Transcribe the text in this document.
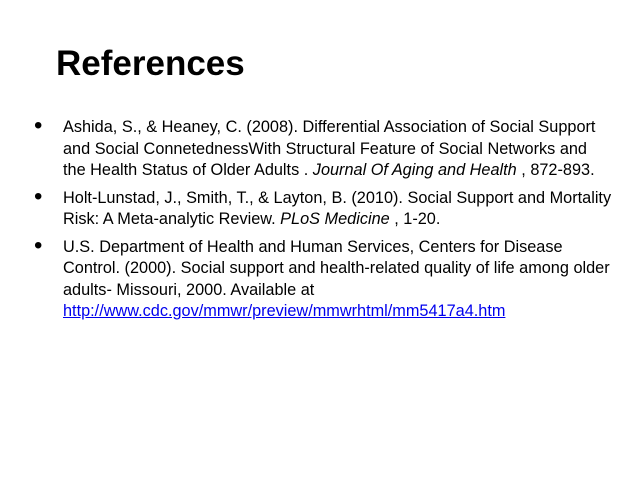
References
• Ashida, S., & Heaney, C. (2008). Differential Association of Social Support and Social ConnetednessWith Structural Feature of Social Networks and the Health Status of Older Adults . Journal Of Aging and Health , 872-893.
• Holt-Lunstad, J., Smith, T., & Layton, B. (2010). Social Support and Mortality Risk: A Meta-analytic Review. PLoS Medicine , 1-20.
• U.S. Department of Health and Human Services, Centers for Disease Control. (2000). Social support and health-related quality of life among older adults- Missouri, 2000. Available at http://www.cdc.gov/mmwr/preview/mmwrhtml/mm5417a4.htm
